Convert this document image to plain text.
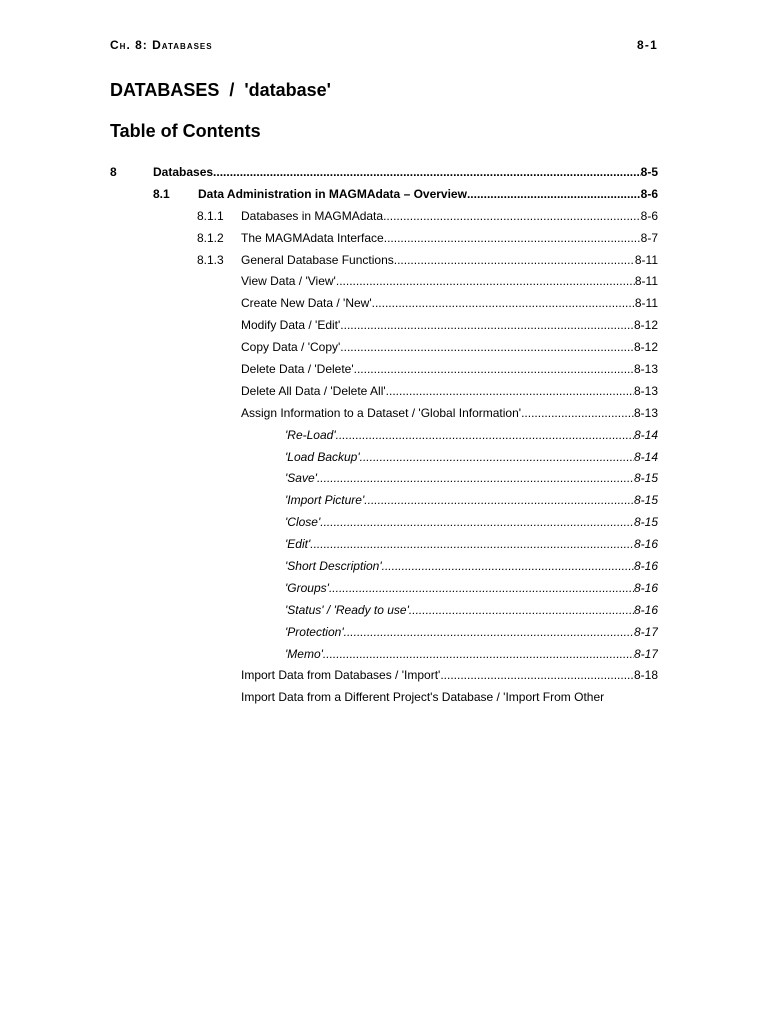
Ch. 8: Databases	8-1
DATABASES  /  'database'
Table of Contents
8	Databases .....	8-5
8.1 Data Administration in MAGMAdata – Overview .....	8-6
8.1.1 Databases in MAGMAdata .....	8-6
8.1.2 The MAGMAdata Interface .....	8-7
8.1.3 General Database Functions .....	8-11
View Data / 'View' .....	8-11
Create New Data / 'New' .....	8-11
Modify Data / 'Edit' .....	8-12
Copy Data / 'Copy' .....	8-12
Delete Data / 'Delete' .....	8-13
Delete All Data / 'Delete All' .....	8-13
Assign Information to a Dataset / 'Global Information' .....	8-13
'Re-Load' .....	8-14
'Load Backup' .....	8-14
'Save' .....	8-15
'Import Picture' .....	8-15
'Close' .....	8-15
'Edit' .....	8-16
'Short Description' .....	8-16
'Groups' .....	8-16
'Status' / 'Ready to use' .....	8-16
'Protection' .....	8-17
'Memo' .....	8-17
Import Data from Databases / 'Import' .....	8-18
Import Data from a Different Project's Database / 'Import From Other
